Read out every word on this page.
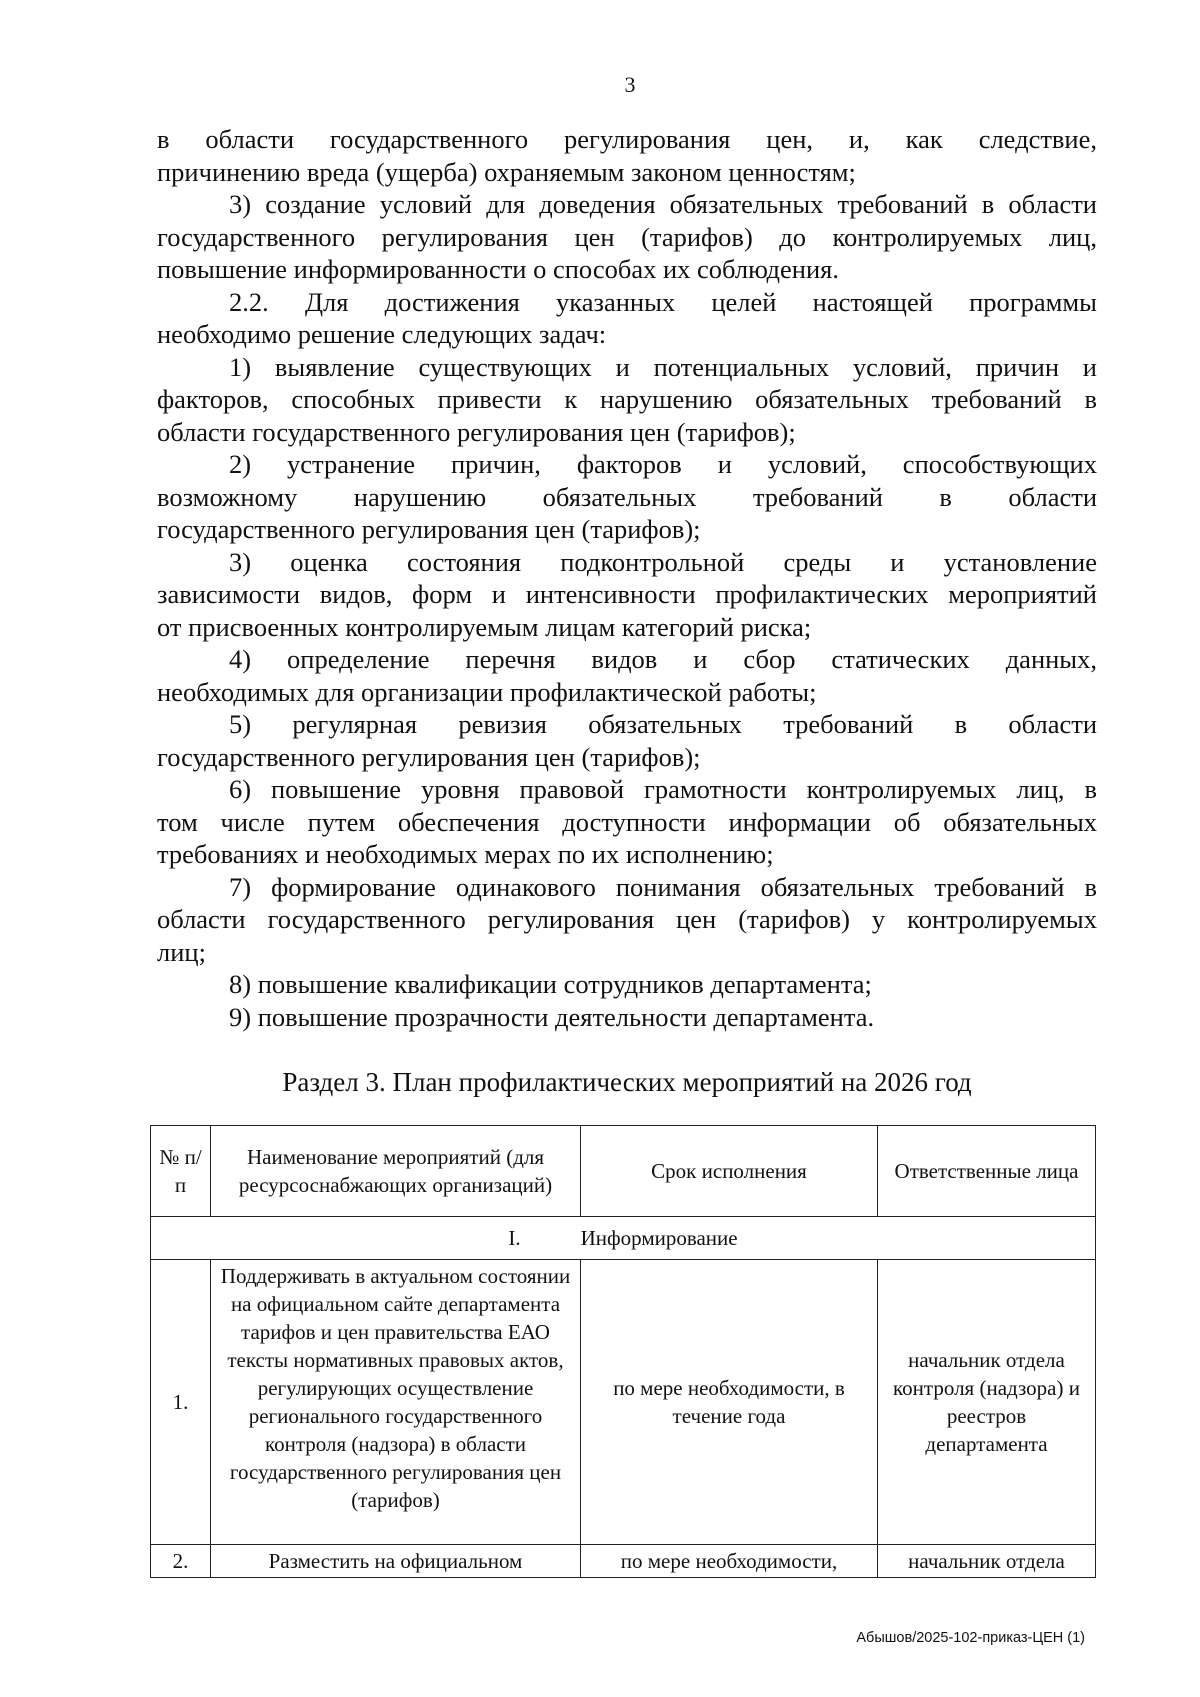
3

в области государственного регулирования цен, и, как следствие,
причинению вреда (ущерба) охраняемым законом ценностям;

3) создание условий для доведения обязательных требований в области
государственного регулирования цен (тарифов) до контролируемых лиц,
повышение информированности о способах их соблюдения.

2.2. Для достижения указанных целей настоящей программы
необходимо решение следующих задач:

1) выявление существующих и потенциальных условий, причин и
факторов, способных привести к нарушению обязательных требований в
области государственного регулирования цен (тарифов);

2) устранение причин, факторов и условий, способствующих
возможному нарушению обязательных требований в области
государственного регулирования цен (тарифов);

3) оценка состояния подконтрольной среды и установление
зависимости видов, форм и интенсивности профилактических мероприятий
от присвоенных контролируемым лицам категорий риска;

4) определение перечня видов и сбор статических данных,
необходимых для организации профилактической работы;

5) регулярная ревизия обязательных требований в области
государственного регулирования цен (тарифов);

6) повышение уровня правовой грамотности контролируемых лиц, в
том числе путем обеспечения доступности информации об обязательных
требованиях и необходимых мерах по их исполнению;

7) формирование одинакового понимания обязательных требований в
области государственного регулирования цен (тарифов) у контролируемых
лиц;

8) повышение квалификации сотрудников департамента;

9) повышение прозрачности деятельности департамента.

Раздел 3. План профилактических мероприятий на 2026 год
№ п/п	Наименование мероприятий (для ресурсоснабжающих организаций)	Срок исполнения	Ответственные лица
I. Информирование			
1.	Поддерживать в актуальном состоянии на официальном сайте департамента тарифов и цен правительства ЕАО тексты нормативных правовых актов, регулирующих осуществление регионального государственного контроля (надзора) в области государственного регулирования цен (тарифов)	по мере необходимости, в течение года	начальник отдела контроля (надзора) и реестров департамента
2.	Разместить на официальном	по мере необходимости,	начальник отдела
Абышов/2025-102-приказ-ЦЕН (1)
